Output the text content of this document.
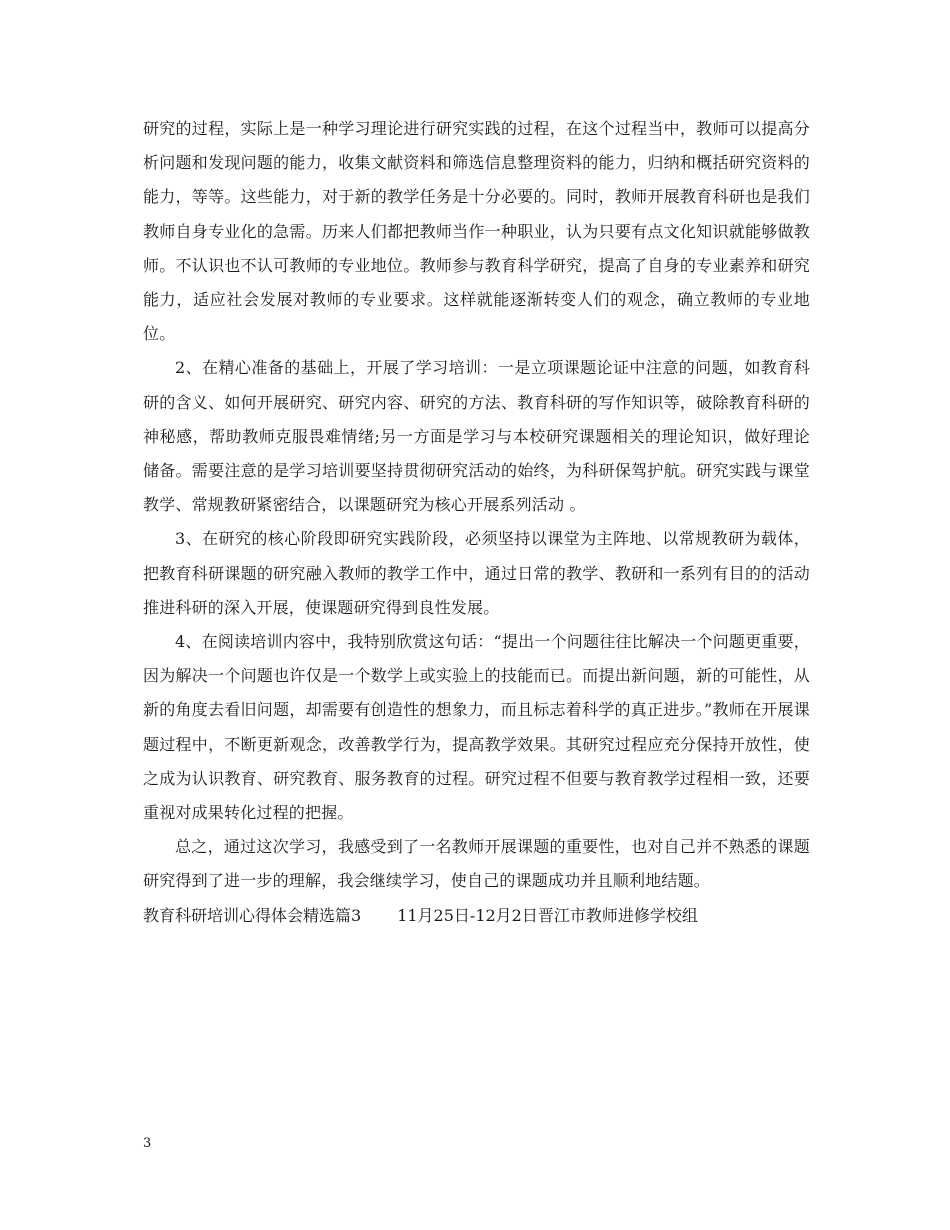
研究的过程，实际上是一种学习理论进行研究实践的过程，在这个过程当中，教师可以提高分析问题和发现问题的能力，收集文献资料和筛选信息整理资料的能力，归纳和概括研究资料的能力，等等。这些能力，对于新的教学任务是十分必要的。同时，教师开展教育科研也是我们教师自身专业化的急需。历来人们都把教师当作一种职业，认为只要有点文化知识就能够做教师。不认识也不认可教师的专业地位。教师参与教育科学研究，提高了自身的专业素养和研究能力，适应社会发展对教师的专业要求。这样就能逐渐转变人们的观念，确立教师的专业地位。

2、在精心准备的基础上，开展了学习培训：一是立项课题论证中注意的问题，如教育科研的含义、如何开展研究、研究内容、研究的方法、教育科研的写作知识等，破除教育科研的神秘感，帮助教师克服畏难情绪;另一方面是学习与本校研究课题相关的理论知识，做好理论储备。需要注意的是学习培训要坚持贯彻研究活动的始终，为科研保驾护航。研究实践与课堂教学、常规教研紧密结合，以课题研究为核心开展系列活动 。

3、在研究的核心阶段即研究实践阶段，必须坚持以课堂为主阵地、以常规教研为载体，把教育科研课题的研究融入教师的教学工作中，通过日常的教学、教研和一系列有目的的活动推进科研的深入开展，使课题研究得到良性发展。

4、在阅读培训内容中，我特别欣赏这句话：“提出一个问题往往比解决一个问题更重要，因为解决一个问题也许仅是一个数学上或实验上的技能而已。而提出新问题，新的可能性，从新的角度去看旧问题，却需要有创造性的想象力，而且标志着科学的真正进步。”教师在开展课题过程中，不断更新观念，改善教学行为，提高教学效果。其研究过程应充分保持开放性，使之成为认识教育、研究教育、服务教育的过程。研究过程不但要与教育教学过程相一致，还要重视对成果转化过程的把握。

总之，通过这次学习，我感受到了一名教师开展课题的重要性，也对自己并不熟悉的课题研究得到了进一步的理解，我会继续学习，使自己的课题成功并且顺利地结题。

教育科研培训心得体会精选篇3 11月25日-12月2日晋江市教师进修学校组

3
